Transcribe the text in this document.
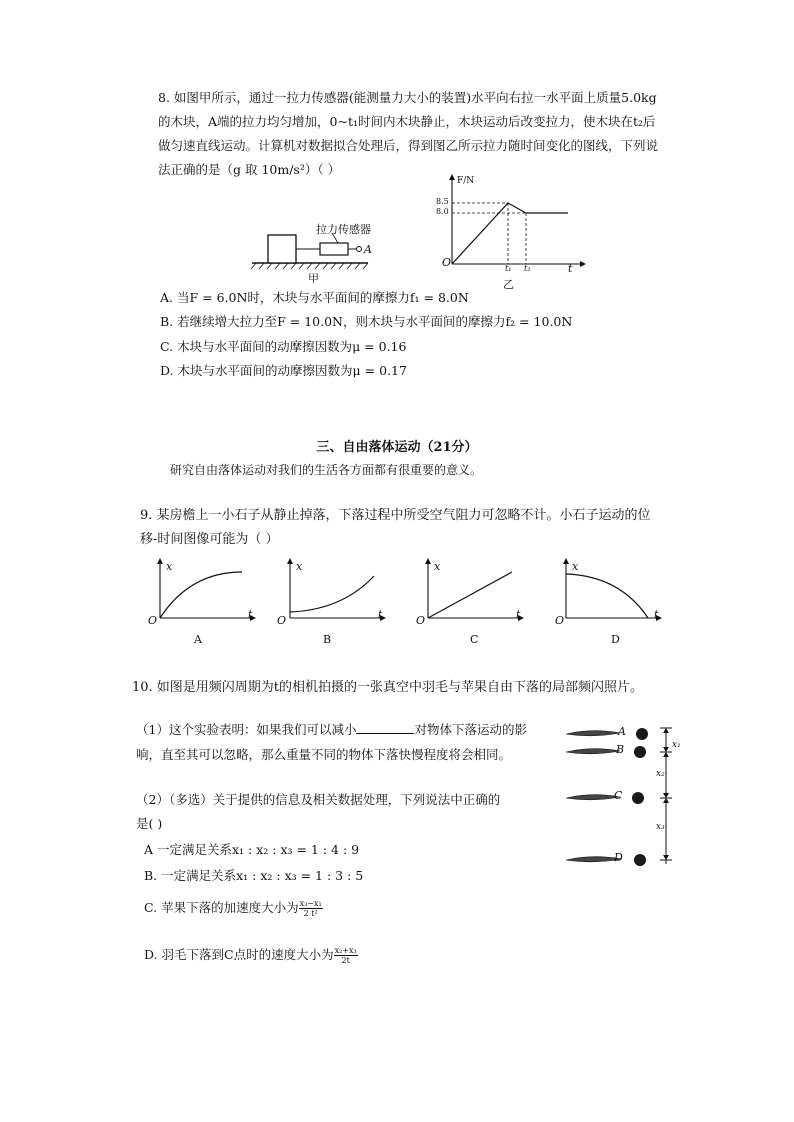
8. 如图甲所示，通过一拉力传感器(能测量力大小的装置)水平向右拉一水平面上质量5.0kg
的木块，A端的拉力均匀增加，0~t₁时间内木块静止，木块运动后改变拉力，使木块在t₂后
做匀速直线运动。计算机对数据拟合处理后，得到图乙所示拉力随时间变化的图线，下列说
法正确的是（g 取 10m/s²）（ ）
拉力传感器
A
甲
F/N
8.5
8.0
O	t₁ t₂	t
乙
A. 当F = 6.0N时，木块与水平面间的摩擦力f₁ = 8.0N
B. 若继续增大拉力至F = 10.0N，则木块与水平面间的摩擦力f₂ = 10.0N
C. 木块与水平面间的动摩擦因数为μ = 0.16
D. 木块与水平面间的动摩擦因数为μ = 0.17
三、自由落体运动（21分）
研究自由落体运动对我们的生活各方面都有很重要的意义。
9. 某房檐上一小石子从静止掉落，下落过程中所受空气阻力可忽略不计。小石子运动的位
移-时间图像可能为（ ）
x
O	t
A
x
O	t
B
x
O	t
C
x
O	t
D
10. 如图是用频闪周期为t的相机拍摄的一张真空中羽毛与苹果自由下落的局部频闪照片。
（1）这个实验表明：如果我们可以减小	对物体下落运动的影
响，直至其可以忽略，那么重量不同的物体下落快慢程度将会相同。
（2）（多选）关于提供的信息及相关数据处理，下列说法中正确的
是( )
A 一定满足关系x₁ : x₂ : x₃ = 1 : 4 : 9
B. 一定满足关系x₁ : x₂ : x₃ = 1 : 3 : 5
C. 苹果下落的加速度大小为 $\frac{\text{x₃−x₁}}{\text{2 t²}}$
D. 羽毛下落到C点时的速度大小为 $\frac{\text{x₂+x₃}}{2t}$
A
B
C
D
x₁
x₂
x₃
